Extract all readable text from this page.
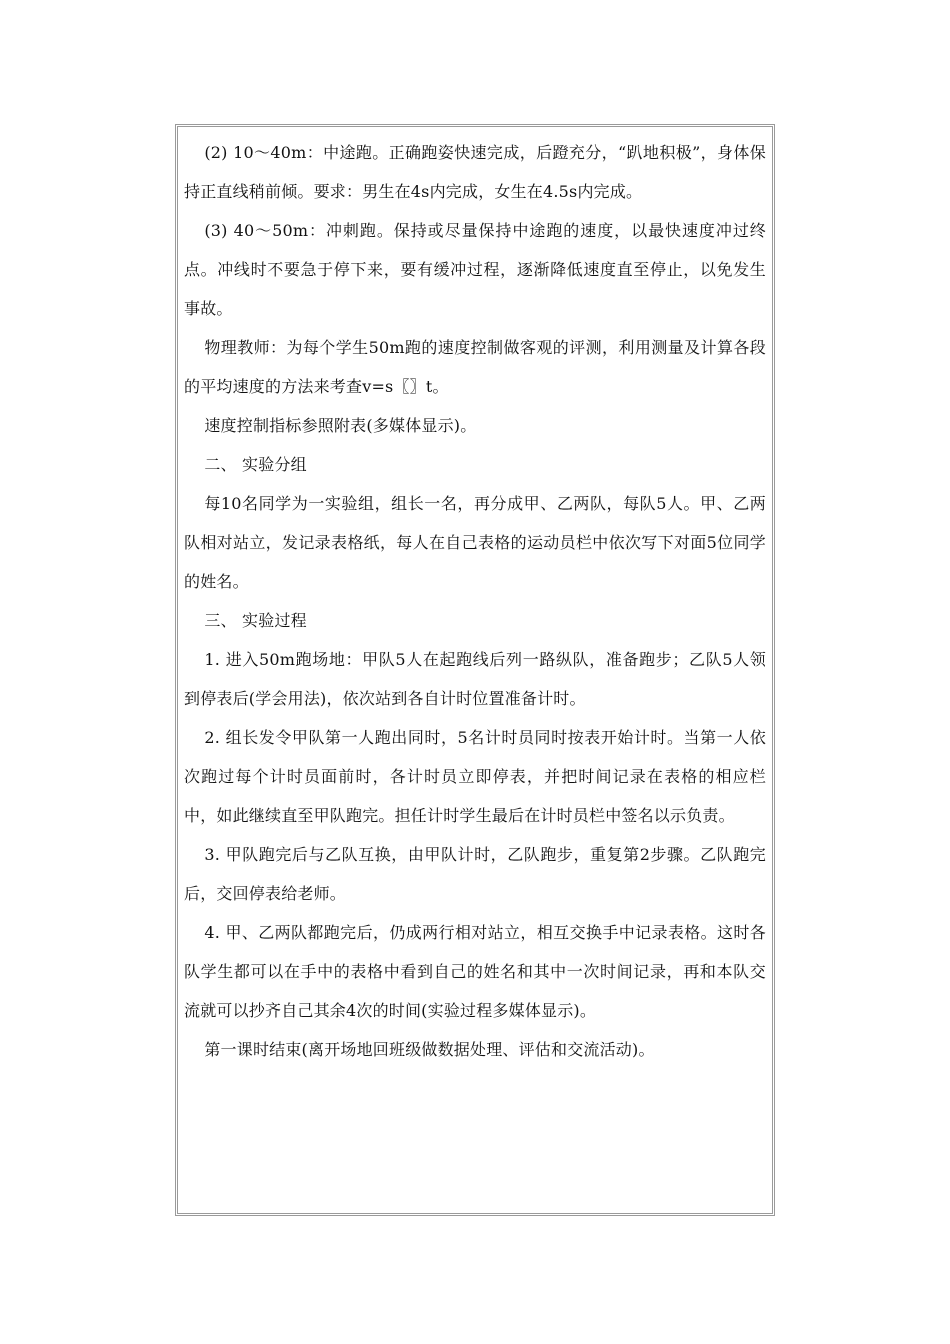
(2) 10～40m：中途跑。正确跑姿快速完成，后蹬充分，“趴地积极”，身体保持正直线稍前倾。要求：男生在4s内完成，女生在4.5s内完成。

(3) 40～50m：冲刺跑。保持或尽量保持中途跑的速度，以最快速度冲过终点。冲线时不要急于停下来，要有缓冲过程，逐渐降低速度直至停止，以免发生事故。

物理教师：为每个学生50m跑的速度控制做客观的评测，利用测量及计算各段的平均速度的方法来考查v=s〖〗t。

速度控制指标参照附表(多媒体显示)。

二、 实验分组

每10名同学为一实验组，组长一名，再分成甲、乙两队，每队5人。甲、乙两队相对站立，发记录表格纸，每人在自己表格的运动员栏中依次写下对面5位同学的姓名。

三、 实验过程

1. 进入50m跑场地：甲队5人在起跑线后列一路纵队，准备跑步；乙队5人领到停表后(学会用法)，依次站到各自计时位置准备计时。

2. 组长发令甲队第一人跑出同时，5名计时员同时按表开始计时。当第一人依次跑过每个计时员面前时，各计时员立即停表，并把时间记录在表格的相应栏中，如此继续直至甲队跑完。担任计时学生最后在计时员栏中签名以示负责。

3. 甲队跑完后与乙队互换，由甲队计时，乙队跑步，重复第2步骤。乙队跑完后，交回停表给老师。

4. 甲、乙两队都跑完后，仍成两行相对站立，相互交换手中记录表格。这时各队学生都可以在手中的表格中看到自己的姓名和其中一次时间记录，再和本队交流就可以抄齐自己其余4次的时间(实验过程多媒体显示)。

第一课时结束(离开场地回班级做数据处理、评估和交流活动)。
